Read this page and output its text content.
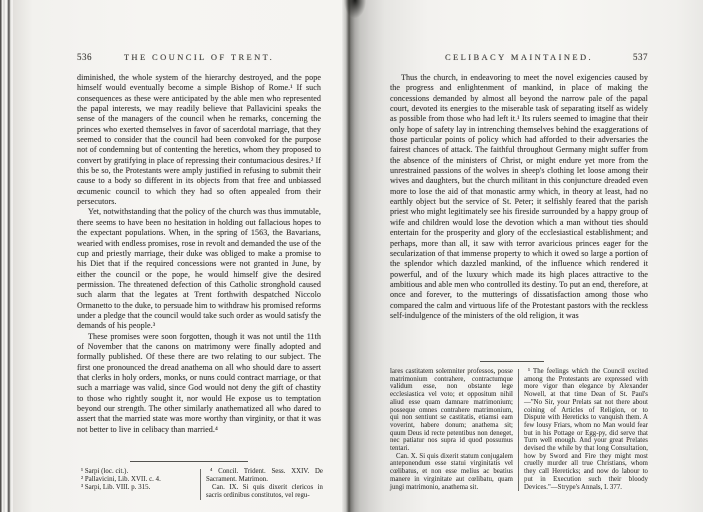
536	THE COUNCIL OF TRENT.

diminished, the whole system of the hierarchy destroyed, and the pope himself would eventually become a simple Bishop of Rome.¹ If such consequences as these were anticipated by the able men who represented the papal interests, we may readily believe that Pallavicini speaks the sense of the managers of the council when he remarks, concerning the princes who exerted themselves in favor of sacerdotal marriage, that they seemed to consider that the council had been convoked for the purpose not of condemning but of contenting the heretics, whom they proposed to convert by gratifying in place of repressing their contumacious desires.² If this be so, the Protestants were amply justified in refusing to submit their cause to a body so different in its objects from that free and unbiassed œcumenic council to which they had so often appealed from their persecutors.

Yet, notwithstanding that the policy of the church was thus immutable, there seems to have been no hesitation in holding out fallacious hopes to the expectant populations. When, in the spring of 1563, the Bavarians, wearied with endless promises, rose in revolt and demanded the use of the cup and priestly marriage, their duke was obliged to make a promise to his Diet that if the required concessions were not granted in June, by either the council or the pope, he would himself give the desired permission. The threatened defection of this Catholic stronghold caused such alarm that the legates at Trent forthwith despatched Niccolo Ormanetto to the duke, to persuade him to withdraw his promised reforms under a pledge that the council would take such order as would satisfy the demands of his people.³

These promises were soon forgotten, though it was not until the 11th of November that the canons on matrimony were finally adopted and formally published. Of these there are two relating to our subject. The first one pronounced the dread anathema on all who should dare to assert that clerks in holy orders, monks, or nuns could contract marriage, or that such a marriage was valid, since God would not deny the gift of chastity to those who rightly sought it, nor would He expose us to temptation beyond our strength. The other similarly anathematized all who dared to assert that the married state was more worthy than virginity, or that it was not better to live in celibacy than married.⁴

¹ Sarpi (loc. cit.).
² Pallavicini, Lib. XVII. c. 4.
³ Sarpi, Lib. VIII. p. 315.
⁴ Concil. Trident. Sess. XXIV. De Sacrament. Matrimon.
Can. IX. Si quis dixerit clericos in sacris ordinibus constitutos, vel regu-
CELIBACY MAINTAINED.	537

Thus the church, in endeavoring to meet the novel exigencies caused by the progress and enlightenment of mankind, in place of making the concessions demanded by almost all beyond the narrow pale of the papal court, devoted its energies to the miserable task of separating itself as widely as possible from those who had left it.¹ Its rulers seemed to imagine that their only hope of safety lay in intrenching themselves behind the exaggerations of those particular points of policy which had afforded to their adversaries the fairest chances of attack. The faithful throughout Germany might suffer from the absence of the ministers of Christ, or might endure yet more from the unrestrained passions of the wolves in sheep's clothing let loose among their wives and daughters, but the church militant in this conjuncture dreaded even more to lose the aid of that monastic army which, in theory at least, had no earthly object but the service of St. Peter; it selfishly feared that the parish priest who might legitimately see his fireside surrounded by a happy group of wife and children would lose the devotion which a man without ties should entertain for the prosperity and glory of the ecclesiastical establishment; and perhaps, more than all, it saw with terror avaricious princes eager for the secularization of that immense property to which it owed so large a portion of the splendor which dazzled mankind, of the influence which rendered it powerful, and of the luxury which made its high places attractive to the ambitious and able men who controlled its destiny. To put an end, therefore, at once and forever, to the mutterings of dissatisfaction among those who compared the calm and virtuous life of the Protestant pastors with the reckless self-indulgence of the ministers of the old religion, it was

lares castitatem solemniter professos, posse matrimonium contrahere, contractumque validum esse, non obstante lege ecclesiastica vel voto; et oppositum nihil aliud esse quam damnare matrimonium; posseque omnes contrahere matrimonium, qui non sentiunt se castitatis, etiamsi eam voverint, habere donum; anathema sit; quum Deus id recte petentibus non deneget, nec patiatur nos supra id quod possumus tentari.
Can. X. Si quis dixerit statum conjugalem anteponendum esse statui virginitatis vel cœlibatus, et non esse melius ac beatius manere in virginitate aut cœlibatu, quam jungi matrimonio, anathema sit.
¹ The feelings which the Council excited among the Protestants are expressed with more vigor than elegance by Alexander Nowell, at that time Dean of St. Paul's—"No Sir, your Prelats sat not there about coining of Articles of Religion, or to Dispute with Hereticks to vanquish them. A few lousy Friars, whom no Man would fear but in his Pottage or Egg-py, did serve that Turn well enough. And your great Prelates devised the while by that long Consultation, how by Sword and Fire they might most cruelly murder all true Christians, whom they call Hereticks; and now do labour to put in Execution such their bloody Devices."—Strype's Annals, I. 377.
